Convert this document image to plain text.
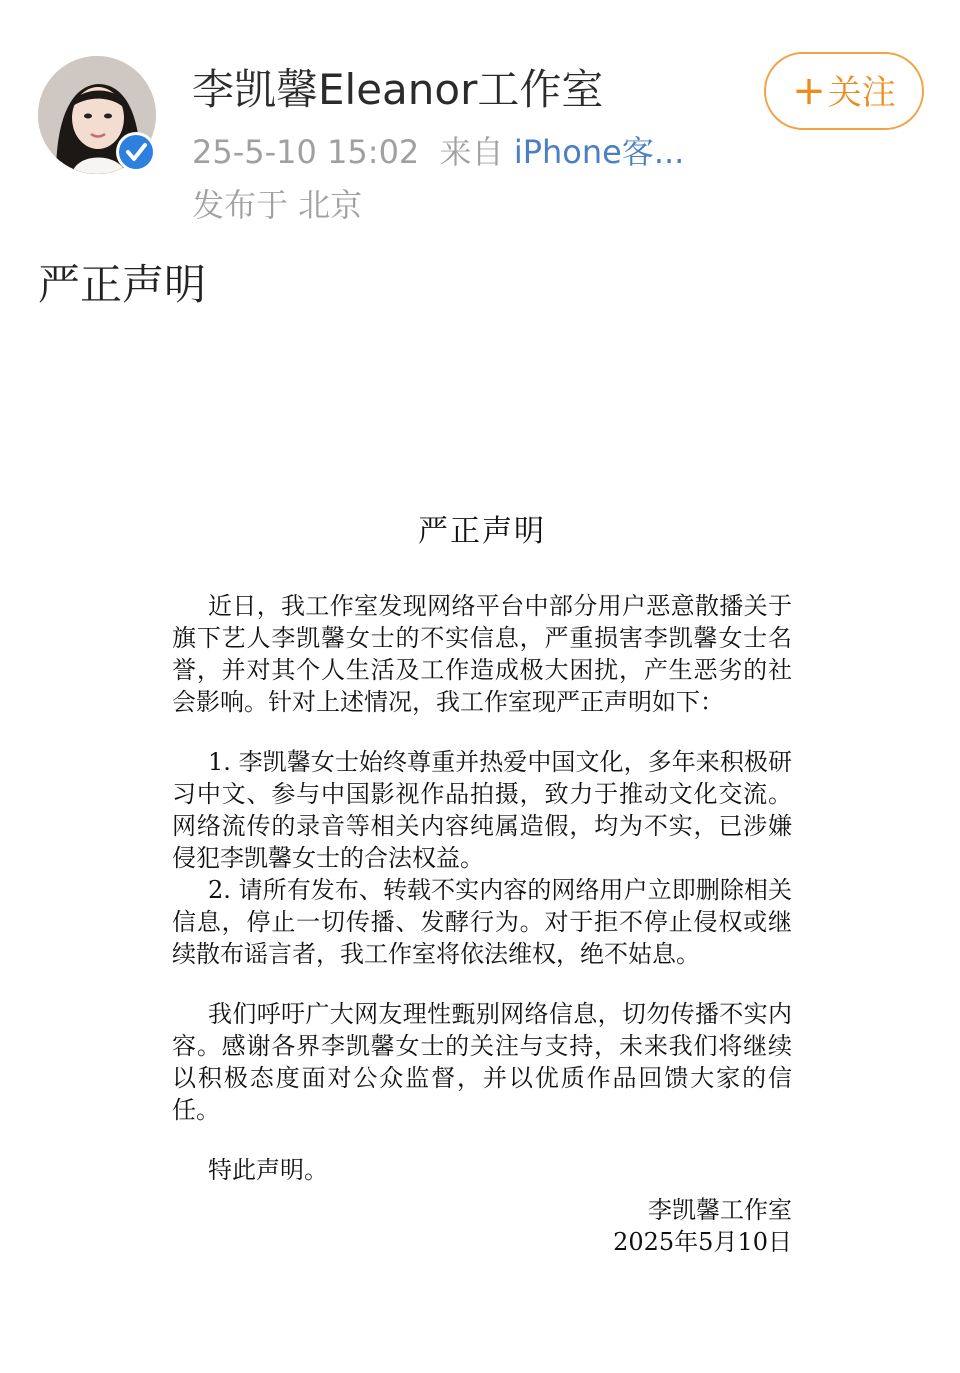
李凯馨Eleanor工作室	+关注
25-5-10 15:02 来自 iPhone客...
发布于 北京
严正声明
严正声明

近日，我工作室发现网络平台中部分用户恶意散播关于旗下艺人李凯馨女士的不实信息，严重损害李凯馨女士名誉，并对其个人生活及工作造成极大困扰，产生恶劣的社会影响。针对上述情况，我工作室现严正声明如下：

1. 李凯馨女士始终尊重并热爱中国文化，多年来积极研习中文、参与中国影视作品拍摄，致力于推动文化交流。网络流传的录音等相关内容纯属造假，均为不实，已涉嫌侵犯李凯馨女士的合法权益。

2. 请所有发布、转载不实内容的网络用户立即删除相关信息，停止一切传播、发酵行为。对于拒不停止侵权或继续散布谣言者，我工作室将依法维权，绝不姑息。

我们呼吁广大网友理性甄别网络信息，切勿传播不实内容。感谢各界李凯馨女士的关注与支持，未来我们将继续以积极态度面对公众监督，并以优质作品回馈大家的信任。

特此声明。

李凯馨工作室

2025年5月10日
